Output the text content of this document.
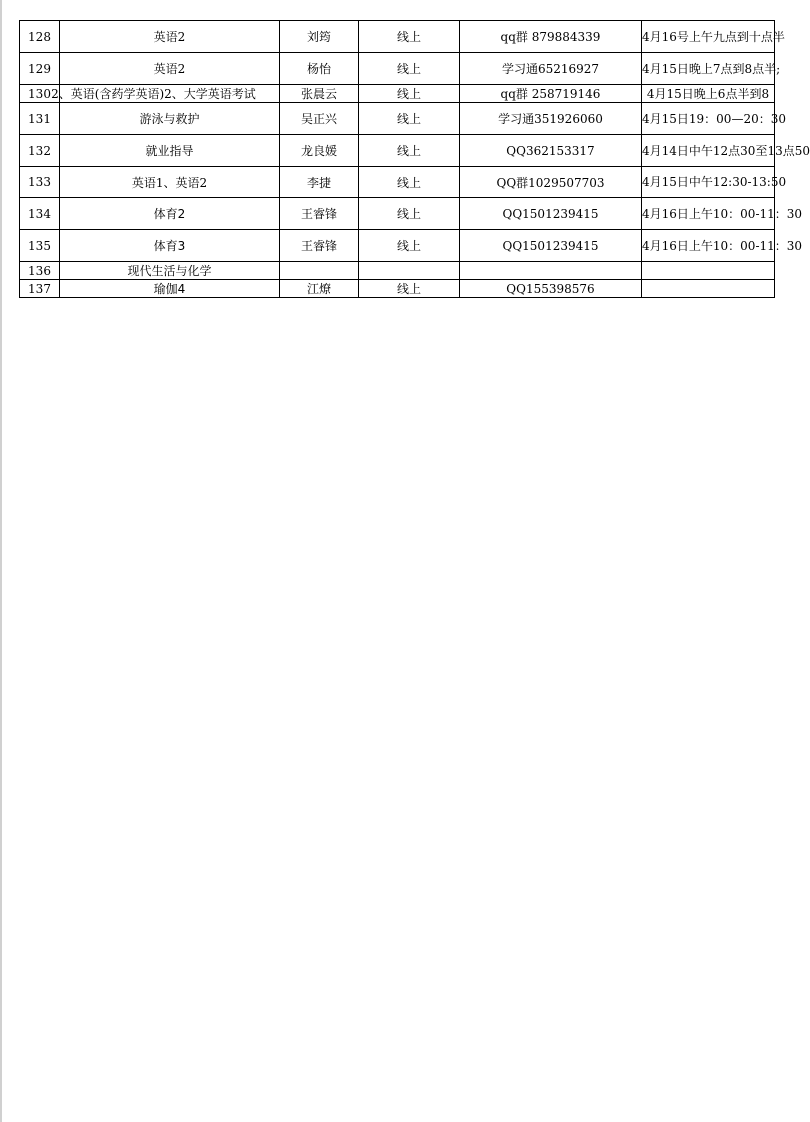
128	英语2	刘筠	线上	qq群 879884339	4月16号上午九点到十点半
129	英语2	杨怡	线上	学习通65216927	4月15日晚上7点到8点半;
130	2、英语(含药学英语)2、大学英语考试	张晨云	线上	qq群 258719146	4月15日晚上6点半到8
131	游泳与救护	吴正兴	线上	学习通351926060	4月15日19：00—20：30
132	就业指导	龙良媛	线上	QQ362153317	4月14日中午12点30至13点50
133	英语1、英语2	李捷	线上	QQ群1029507703	4月15日中午12:30-13:50
134	体育2	王睿锋	线上	QQ1501239415	4月16日上午10：00-11：30
135	体育3	王睿锋	线上	QQ1501239415	4月16日上午10：00-11：30
136	现代生活与化学				
137	瑜伽4	江燎	线上	QQ155398576	
